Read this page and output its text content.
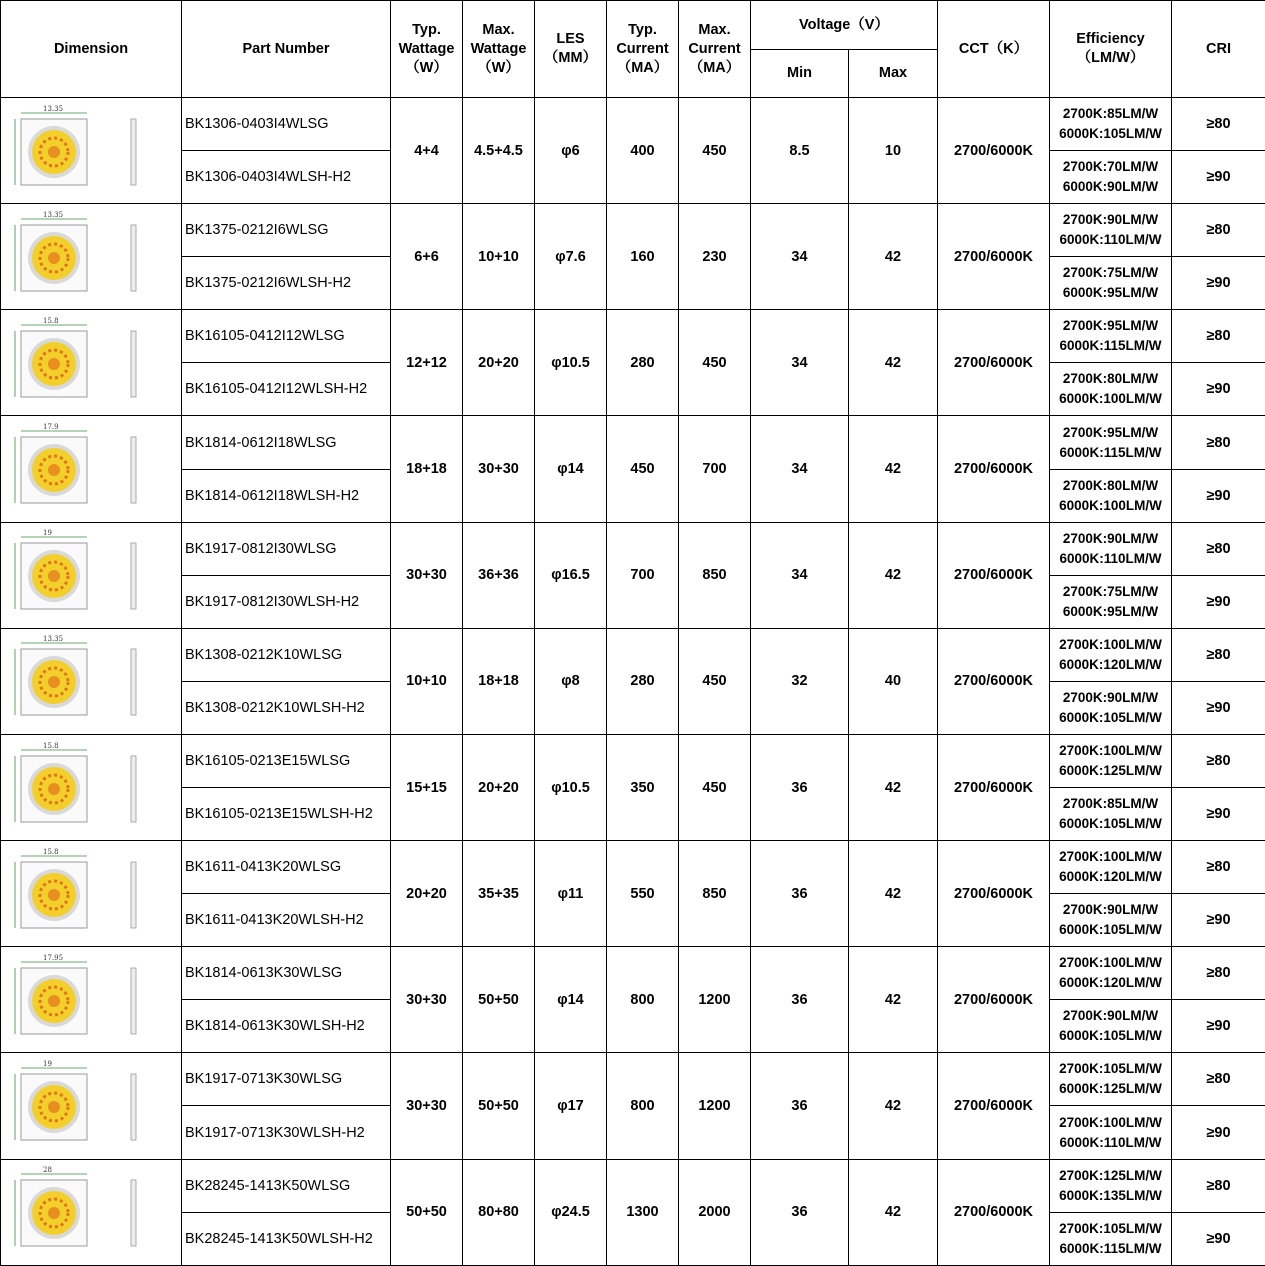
Dimension	Part Number	Typ.
Wattage
（W）	Max.
Wattage
（W）	LES
（MM）	Typ.
Current
（MA）	Max.
Current
（MA）	Voltage（V）		CCT（K）	Efficiency
（LM/W）	CRI
							Min	Max			

13.35	BK1306-0403I4WLSG	4+4	4.5+4.5	φ6	400	450	8.5	10	2700/6000K	2700K:85LM/W
6000K:105LM/W	≥80
	BK1306-0403I4WLSH-H2									2700K:70LM/W
6000K:90LM/W	≥90

13.35	BK1375-0212I6WLSG	6+6	10+10	φ7.6	160	230	34	42	2700/6000K	2700K:90LM/W
6000K:110LM/W	≥80
	BK1375-0212I6WLSH-H2									2700K:75LM/W
6000K:95LM/W	≥90

15.8	BK16105-0412I12WLSG	12+12	20+20	φ10.5	280	450	34	42	2700/6000K	2700K:95LM/W
6000K:115LM/W	≥80
	BK16105-0412I12WLSH-H2									2700K:80LM/W
6000K:100LM/W	≥90

17.9	BK1814-0612I18WLSG	18+18	30+30	φ14	450	700	34	42	2700/6000K	2700K:95LM/W
6000K:115LM/W	≥80
	BK1814-0612I18WLSH-H2									2700K:80LM/W
6000K:100LM/W	≥90

19	BK1917-0812I30WLSG	30+30	36+36	φ16.5	700	850	34	42	2700/6000K	2700K:90LM/W
6000K:110LM/W	≥80
	BK1917-0812I30WLSH-H2									2700K:75LM/W
6000K:95LM/W	≥90

13.35	BK1308-0212K10WLSG	10+10	18+18	φ8	280	450	32	40	2700/6000K	2700K:100LM/W
6000K:120LM/W	≥80
	BK1308-0212K10WLSH-H2									2700K:90LM/W
6000K:105LM/W	≥90

15.8	BK16105-0213E15WLSG	15+15	20+20	φ10.5	350	450	36	42	2700/6000K	2700K:100LM/W
6000K:125LM/W	≥80
	BK16105-0213E15WLSH-H2									2700K:85LM/W
6000K:105LM/W	≥90

15.8	BK1611-0413K20WLSG	20+20	35+35	φ11	550	850	36	42	2700/6000K	2700K:100LM/W
6000K:120LM/W	≥80
	BK1611-0413K20WLSH-H2									2700K:90LM/W
6000K:105LM/W	≥90

17.95	BK1814-0613K30WLSG	30+30	50+50	φ14	800	1200	36	42	2700/6000K	2700K:100LM/W
6000K:120LM/W	≥80
	BK1814-0613K30WLSH-H2									2700K:90LM/W
6000K:105LM/W	≥90

19	BK1917-0713K30WLSG	30+30	50+50	φ17	800	1200	36	42	2700/6000K	2700K:105LM/W
6000K:125LM/W	≥80
	BK1917-0713K30WLSH-H2									2700K:100LM/W
6000K:110LM/W	≥90

28	BK28245-1413K50WLSG	50+50	80+80	φ24.5	1300	2000	36	42	2700/6000K	2700K:125LM/W
6000K:135LM/W	≥80
	BK28245-1413K50WLSH-H2									2700K:105LM/W
6000K:115LM/W	≥90
